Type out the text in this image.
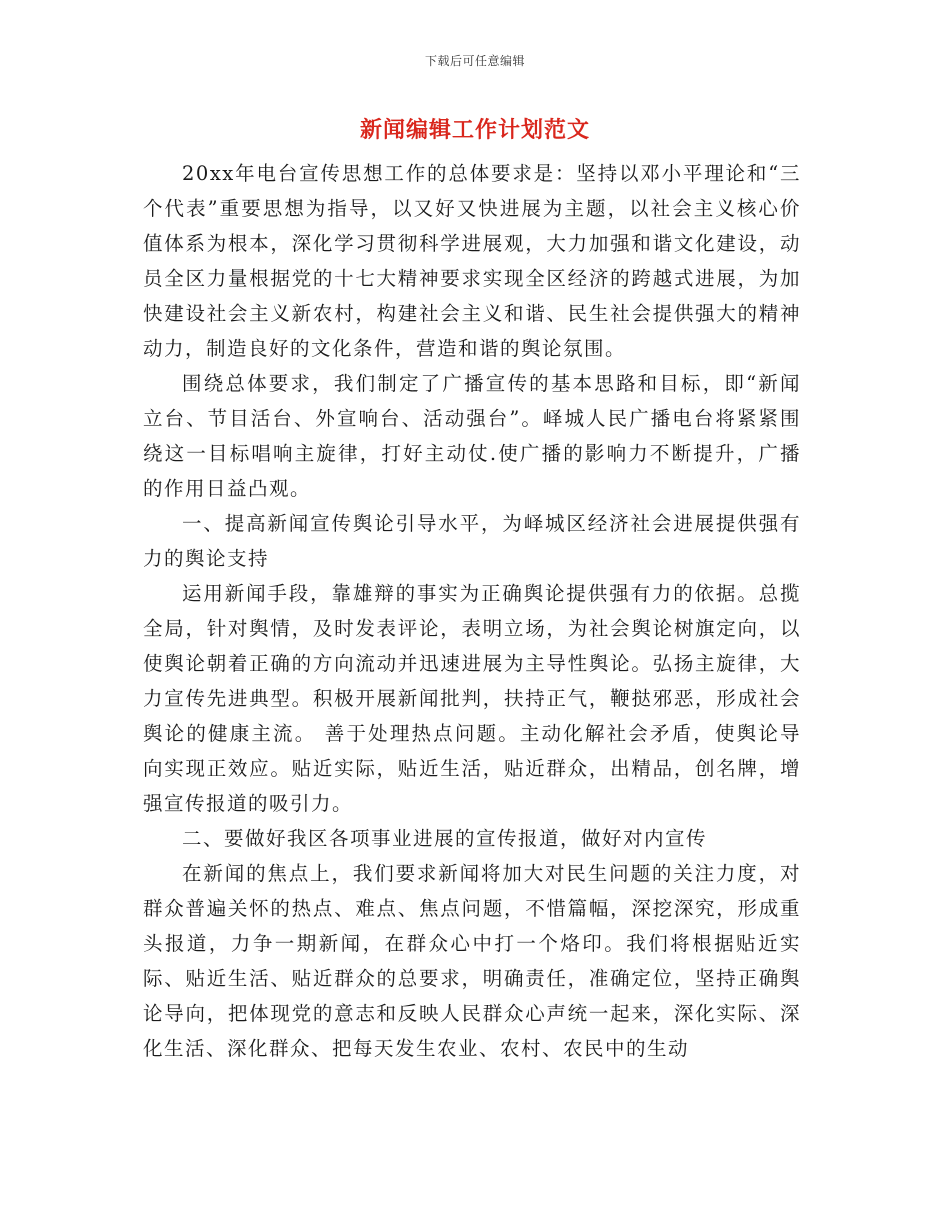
下载后可任意编辑
新闻编辑工作计划范文

20xx年电台宣传思想工作的总体要求是：坚持以邓小平理论和“三个代表”重要思想为指导，以又好又快进展为主题，以社会主义核心价值体系为根本，深化学习贯彻科学进展观，大力加强和谐文化建设，动员全区力量根据党的十七大精神要求实现全区经济的跨越式进展，为加快建设社会主义新农村，构建社会主义和谐、民生社会提供强大的精神动力，制造良好的文化条件，营造和谐的舆论氛围。

围绕总体要求，我们制定了广播宣传的基本思路和目标，即“新闻立台、节目活台、外宣响台、活动强台”。峄城人民广播电台将紧紧围绕这一目标唱响主旋律，打好主动仗.使广播的影响力不断提升，广播的作用日益凸观。

一、提高新闻宣传舆论引导水平，为峄城区经济社会进展提供强有力的舆论支持

运用新闻手段，靠雄辩的事实为正确舆论提供强有力的依据。总揽全局，针对舆情，及时发表评论，表明立场，为社会舆论树旗定向，以使舆论朝着正确的方向流动并迅速进展为主导性舆论。弘扬主旋律，大力宣传先进典型。积极开展新闻批判，扶持正气，鞭挞邪恶，形成社会舆论的健康主流。 善于处理热点问题。主动化解社会矛盾，使舆论导向实现正效应。贴近实际，贴近生活，贴近群众，出精品，创名牌，增强宣传报道的吸引力。

二、要做好我区各项事业进展的宣传报道，做好对内宣传

在新闻的焦点上，我们要求新闻将加大对民生问题的关注力度，对群众普遍关怀的热点、难点、焦点问题，不惜篇幅，深挖深究，形成重头报道，力争一期新闻，在群众心中打一个烙印。我们将根据贴近实际、贴近生活、贴近群众的总要求，明确责任，准确定位，坚持正确舆论导向，把体现党的意志和反映人民群众心声统一起来，深化实际、深化生活、深化群众、把每天发生农业、农村、农民中的生动
